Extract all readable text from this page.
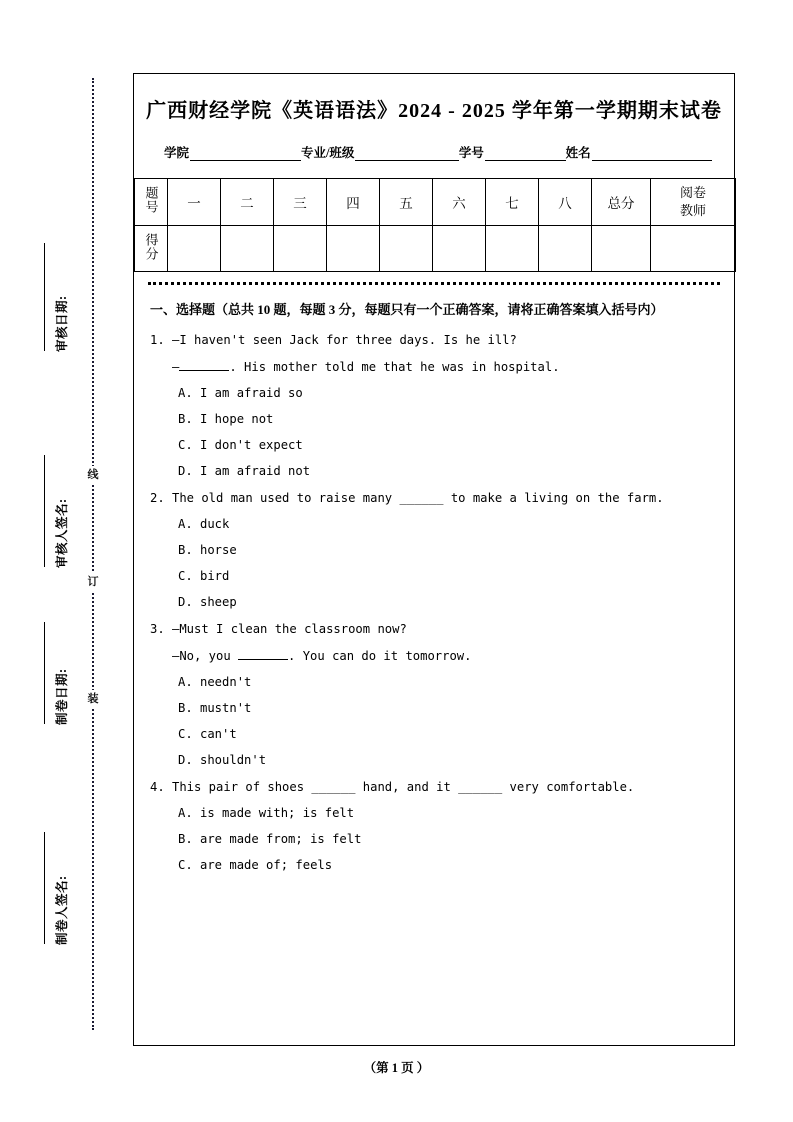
线
订
装
审核日期:
审核人签名:
制卷日期:
制卷人签名:
广西财经学院《英语语法》2024 - 2025 学年第一学期期末试卷
学院	专业/班级	学号	姓名
题号	一	二	三	四	五	六	七	八	总分	阅卷
教师

得分										
一、选择题（总共 10 题，每题 3 分，每题只有一个正确答案，请将正确答案填入括号内）
1. —I haven't seen Jack for three days. Is he ill?
—	. His mother told me that he was in hospital.
A. I am afraid so
B. I hope not
C. I don't expect
D. I am afraid not
2. The old man used to raise many ______ to make a living on the farm.
A. duck
B. horse
C. bird
D. sheep
3. —Must I clean the classroom now?
—No, you	. You can do it tomorrow.
A. needn't
B. mustn't
C. can't
D. shouldn't
4. This pair of shoes ______ hand, and it ______ very comfortable.
A. is made with; is felt
B. are made from; is felt
C. are made of; feels
（第 1 页 ）
